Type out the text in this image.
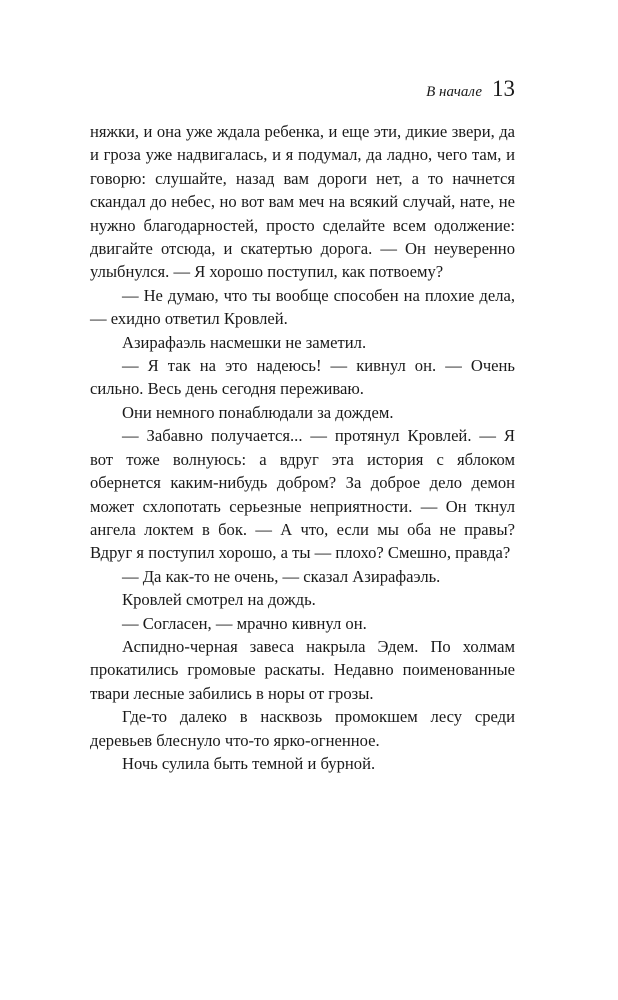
В начале 13

няжки, и она уже ждала ребенка, и еще эти, дикие звери, да и гроза уже надвигалась, и я подумал, да ладно, чего там, и говорю: слушайте, назад вам дороги нет, а то начнется скандал до небес, но вот вам меч на всякий случай, нате, не нужно благодарностей, просто сделайте всем одолжение: двигайте отсюда, и скатертью дорога. — Он неуверенно улыбнулся. — Я хорошо поступил, как потвоему?

— Не думаю, что ты вообще способен на плохие дела, — ехидно ответил Кровлей.

Азирафаэль насмешки не заметил.

— Я так на это надеюсь! — кивнул он. — Очень сильно. Весь день сегодня переживаю.

Они немного понаблюдали за дождем.

— Забавно получается... — протянул Кровлей. — Я вот тоже волнуюсь: а вдруг эта история с яблоком обернется каким-нибудь добром? За доброе дело демон может схлопотать серьезные неприятности. — Он ткнул ангела локтем в бок. — А что, если мы оба не правы? Вдруг я поступил хорошо, а ты — плохо? Смешно, правда?

— Да как-то не очень, — сказал Азирафаэль.

Кровлей смотрел на дождь.

— Согласен, — мрачно кивнул он.

Аспидно-черная завеса накрыла Эдем. По холмам прокатились громовые раскаты. Недавно поименованные твари лесные забились в норы от грозы.

Где-то далеко в насквозь промокшем лесу среди деревьев блеснуло что-то ярко-огненное.

Ночь сулила быть темной и бурной.
